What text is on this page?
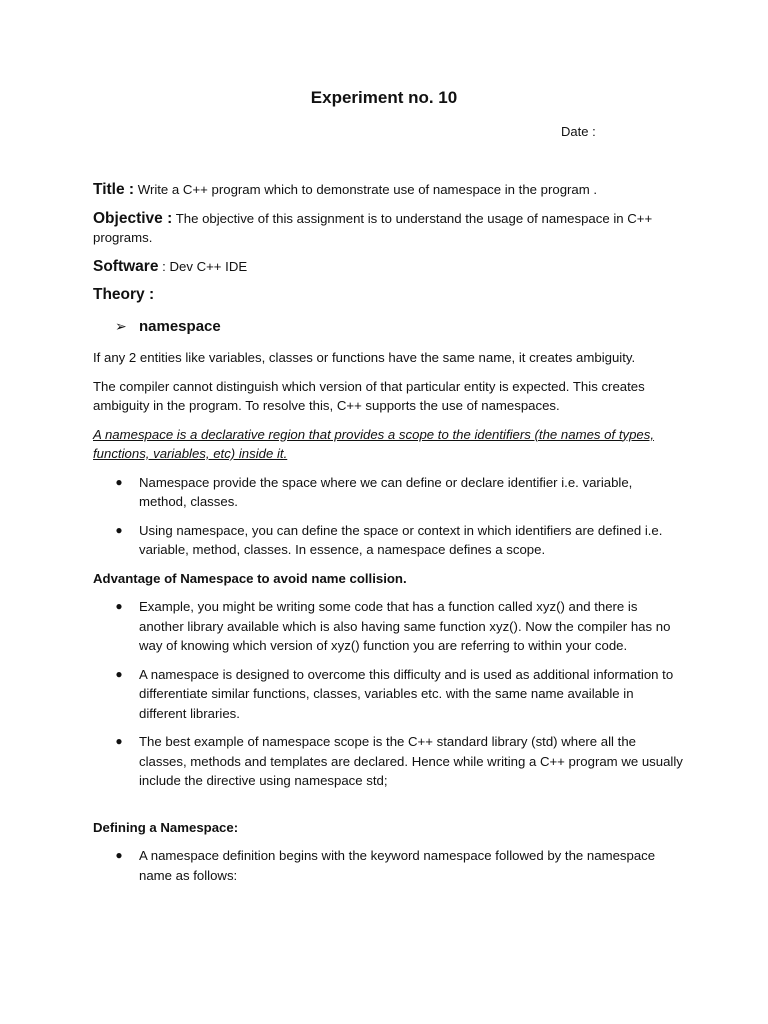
Experiment no. 10
Date :
Title : Write a C++ program which to demonstrate use of namespace in the program .
Objective : The objective of this assignment is to understand the usage of namespace in C++ programs.
Software : Dev C++ IDE
Theory :
➢ namespace

If any 2 entities like variables, classes or functions have the same name, it creates ambiguity.

The compiler cannot distinguish which version of that particular entity is expected. This creates ambiguity in the program. To resolve this, C++ supports the use of namespaces.

A namespace is a declarative region that provides a scope to the identifiers (the names of types, functions, variables, etc) inside it.

● Namespace provide the space where we can define or declare identifier i.e. variable, method, classes.
● Using namespace, you can define the space or context in which identifiers are defined i.e. variable, method, classes. In essence, a namespace defines a scope.
Advantage of Namespace to avoid name collision.
● Example, you might be writing some code that has a function called xyz() and there is another library available which is also having same function xyz(). Now the compiler has no way of knowing which version of xyz() function you are referring to within your code.
● A namespace is designed to overcome this difficulty and is used as additional information to differentiate similar functions, classes, variables etc. with the same name available in different libraries.
● The best example of namespace scope is the C++ standard library (std) where all the classes, methods and templates are declared. Hence while writing a C++ program we usually include the directive using namespace std;
Defining a Namespace:
● A namespace definition begins with the keyword namespace followed by the namespace name as follows:
